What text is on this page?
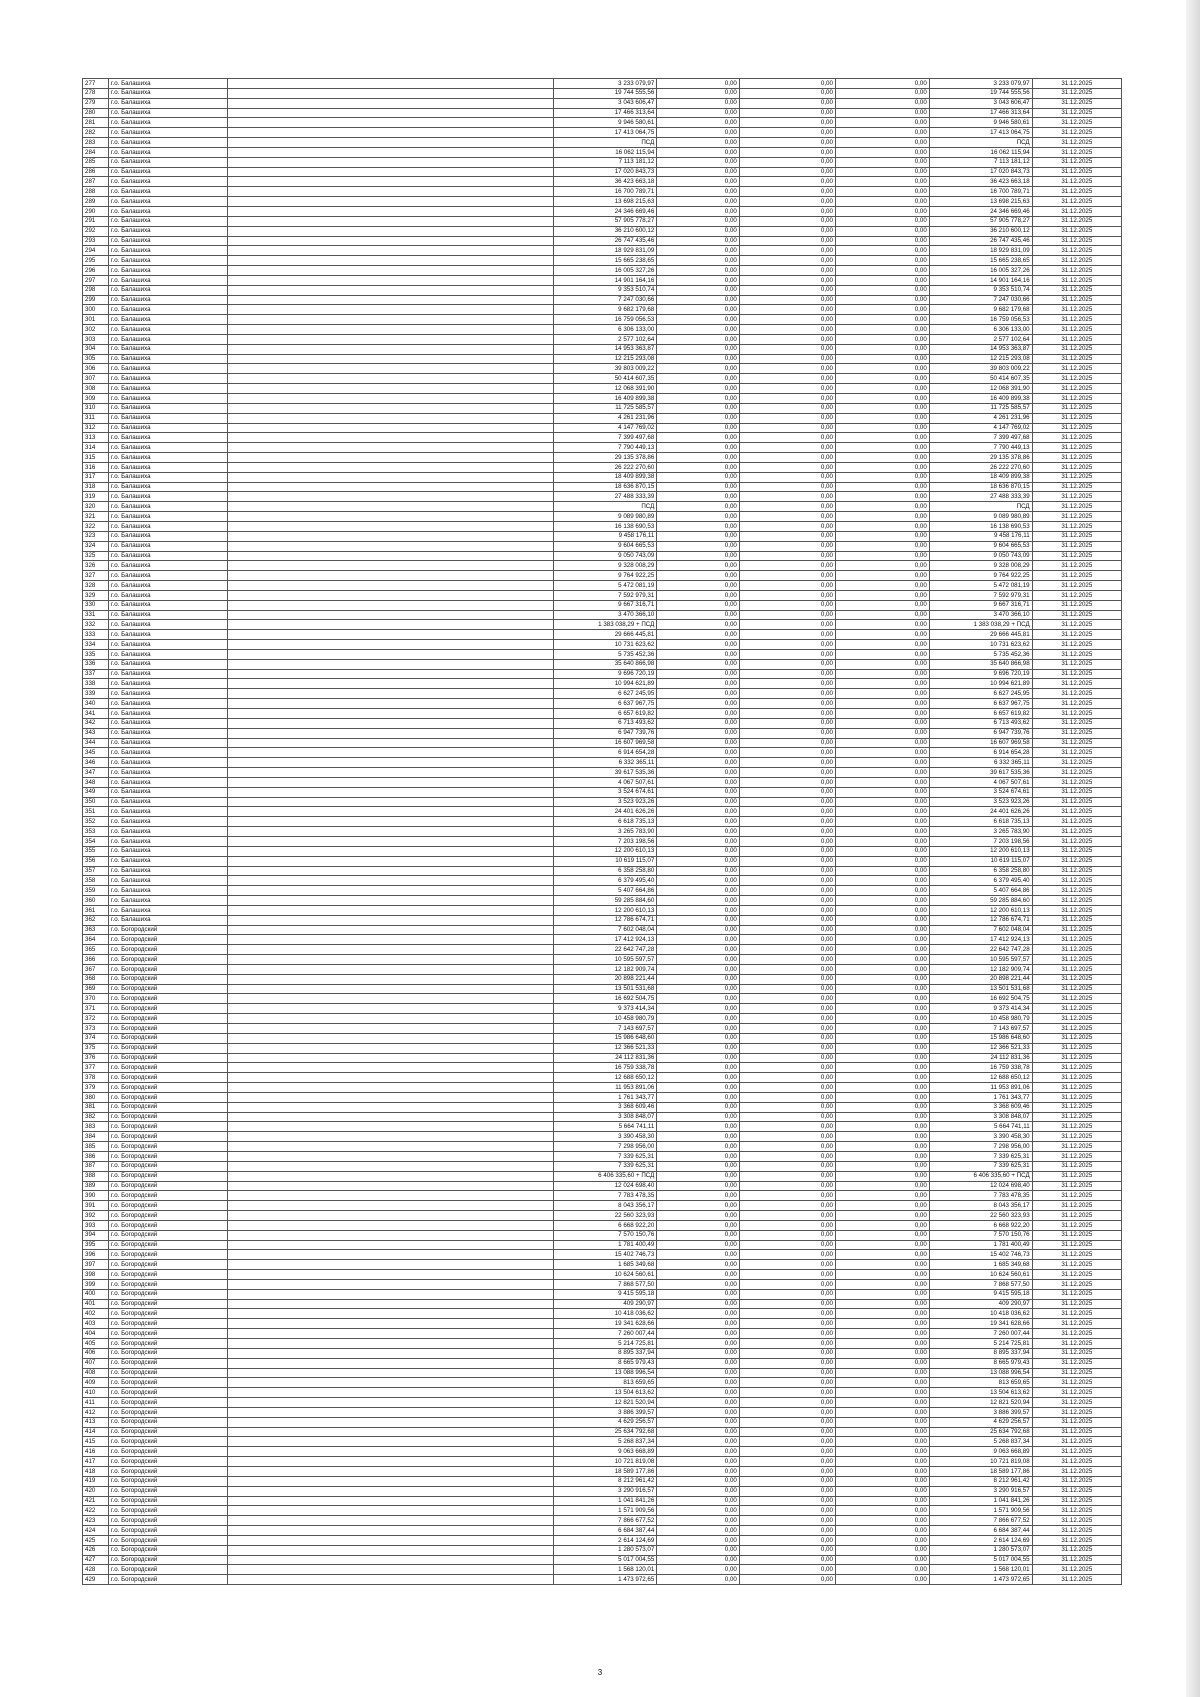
277	г.о. Балашиха		3 233 079,97	0,00	0,00	0,00	3 233 079,97	31.12.2025
278	г.о. Балашиха		19 744 555,56	0,00	0,00	0,00	19 744 555,56	31.12.2025
279	г.о. Балашиха		3 043 606,47	0,00	0,00	0,00	3 043 606,47	31.12.2025
280	г.о. Балашиха		17 466 313,64	0,00	0,00	0,00	17 466 313,64	31.12.2025
281	г.о. Балашиха		9 946 580,61	0,00	0,00	0,00	9 946 580,61	31.12.2025
282	г.о. Балашиха		17 413 064,75	0,00	0,00	0,00	17 413 064,75	31.12.2025
283	г.о. Балашиха		ПСД	0,00	0,00	0,00	ПСД	31.12.2025
284	г.о. Балашиха		16 062 115,94	0,00	0,00	0,00	16 062 115,94	31.12.2025
285	г.о. Балашиха		7 113 181,12	0,00	0,00	0,00	7 113 181,12	31.12.2025
286	г.о. Балашиха		17 020 843,73	0,00	0,00	0,00	17 020 843,73	31.12.2025
287	г.о. Балашиха		36 423 663,18	0,00	0,00	0,00	36 423 663,18	31.12.2025
288	г.о. Балашиха		16 700 789,71	0,00	0,00	0,00	16 700 789,71	31.12.2025
289	г.о. Балашиха		13 698 215,63	0,00	0,00	0,00	13 698 215,63	31.12.2025
290	г.о. Балашиха		24 346 669,46	0,00	0,00	0,00	24 346 669,46	31.12.2025
291	г.о. Балашиха		57 905 778,27	0,00	0,00	0,00	57 905 778,27	31.12.2025
292	г.о. Балашиха		36 210 600,12	0,00	0,00	0,00	36 210 600,12	31.12.2025
293	г.о. Балашиха		26 747 435,46	0,00	0,00	0,00	26 747 435,46	31.12.2025
294	г.о. Балашиха		18 929 831,09	0,00	0,00	0,00	18 929 831,09	31.12.2025
295	г.о. Балашиха		15 665 238,65	0,00	0,00	0,00	15 665 238,65	31.12.2025
296	г.о. Балашиха		16 005 327,26	0,00	0,00	0,00	16 005 327,26	31.12.2025
297	г.о. Балашиха		14 901 164,16	0,00	0,00	0,00	14 901 164,16	31.12.2025
298	г.о. Балашиха		9 353 510,74	0,00	0,00	0,00	9 353 510,74	31.12.2025
299	г.о. Балашиха		7 247 030,66	0,00	0,00	0,00	7 247 030,66	31.12.2025
300	г.о. Балашиха		9 682 179,68	0,00	0,00	0,00	9 682 179,68	31.12.2025
301	г.о. Балашиха		16 759 056,53	0,00	0,00	0,00	16 759 056,53	31.12.2025
302	г.о. Балашиха		6 306 133,00	0,00	0,00	0,00	6 306 133,00	31.12.2025
303	г.о. Балашиха		2 577 102,64	0,00	0,00	0,00	2 577 102,64	31.12.2025
304	г.о. Балашиха		14 953 363,87	0,00	0,00	0,00	14 953 363,87	31.12.2025
305	г.о. Балашиха		12 215 293,08	0,00	0,00	0,00	12 215 293,08	31.12.2025
306	г.о. Балашиха		39 803 009,22	0,00	0,00	0,00	39 803 009,22	31.12.2025
307	г.о. Балашиха		50 414 607,35	0,00	0,00	0,00	50 414 607,35	31.12.2025
308	г.о. Балашиха		12 068 391,90	0,00	0,00	0,00	12 068 391,90	31.12.2025
309	г.о. Балашиха		16 409 899,38	0,00	0,00	0,00	16 409 899,38	31.12.2025
310	г.о. Балашиха		11 725 585,57	0,00	0,00	0,00	11 725 585,57	31.12.2025
311	г.о. Балашиха		4 261 231,96	0,00	0,00	0,00	4 261 231,96	31.12.2025
312	г.о. Балашиха		4 147 769,02	0,00	0,00	0,00	4 147 769,02	31.12.2025
313	г.о. Балашиха		7 399 497,68	0,00	0,00	0,00	7 399 497,68	31.12.2025
314	г.о. Балашиха		7 790 449,13	0,00	0,00	0,00	7 790 449,13	31.12.2025
315	г.о. Балашиха		29 135 378,86	0,00	0,00	0,00	29 135 378,86	31.12.2025
316	г.о. Балашиха		26 222 270,60	0,00	0,00	0,00	26 222 270,60	31.12.2025
317	г.о. Балашиха		18 409 899,38	0,00	0,00	0,00	18 409 899,38	31.12.2025
318	г.о. Балашиха		18 636 870,15	0,00	0,00	0,00	18 636 870,15	31.12.2025
319	г.о. Балашиха		27 488 333,39	0,00	0,00	0,00	27 488 333,39	31.12.2025
320	г.о. Балашиха		ПСД	0,00	0,00	0,00	ПСД	31.12.2025
321	г.о. Балашиха		9 089 980,89	0,00	0,00	0,00	9 089 980,89	31.12.2025
322	г.о. Балашиха		16 138 690,53	0,00	0,00	0,00	16 138 690,53	31.12.2025
323	г.о. Балашиха		9 458 176,11	0,00	0,00	0,00	9 458 176,11	31.12.2025
324	г.о. Балашиха		9 604 665,53	0,00	0,00	0,00	9 604 665,53	31.12.2025
325	г.о. Балашиха		9 050 743,09	0,00	0,00	0,00	9 050 743,09	31.12.2025
326	г.о. Балашиха		9 328 008,29	0,00	0,00	0,00	9 328 008,29	31.12.2025
327	г.о. Балашиха		9 764 922,25	0,00	0,00	0,00	9 764 922,25	31.12.2025
328	г.о. Балашиха		5 472 081,19	0,00	0,00	0,00	5 472 081,19	31.12.2025
329	г.о. Балашиха		7 592 979,31	0,00	0,00	0,00	7 592 979,31	31.12.2025
330	г.о. Балашиха		9 667 316,71	0,00	0,00	0,00	9 667 316,71	31.12.2025
331	г.о. Балашиха		3 470 366,10	0,00	0,00	0,00	3 470 366,10	31.12.2025
332	г.о. Балашиха		1 383 038,29 + ПСД	0,00	0,00	0,00	1 383 038,29 + ПСД	31.12.2025
333	г.о. Балашиха		29 666 445,81	0,00	0,00	0,00	29 666 445,81	31.12.2025
334	г.о. Балашиха		10 731 623,62	0,00	0,00	0,00	10 731 623,62	31.12.2025
335	г.о. Балашиха		5 735 452,36	0,00	0,00	0,00	5 735 452,36	31.12.2025
336	г.о. Балашиха		35 640 866,98	0,00	0,00	0,00	35 640 866,98	31.12.2025
337	г.о. Балашиха		9 696 720,19	0,00	0,00	0,00	9 696 720,19	31.12.2025
338	г.о. Балашиха		10 994 621,89	0,00	0,00	0,00	10 994 621,89	31.12.2025
339	г.о. Балашиха		6 627 245,95	0,00	0,00	0,00	6 627 245,95	31.12.2025
340	г.о. Балашиха		6 637 967,75	0,00	0,00	0,00	6 637 967,75	31.12.2025
341	г.о. Балашиха		6 657 619,82	0,00	0,00	0,00	6 657 619,82	31.12.2025
342	г.о. Балашиха		6 713 493,62	0,00	0,00	0,00	6 713 493,62	31.12.2025
343	г.о. Балашиха		6 947 739,76	0,00	0,00	0,00	6 947 739,76	31.12.2025
344	г.о. Балашиха		16 607 969,58	0,00	0,00	0,00	16 607 969,58	31.12.2025
345	г.о. Балашиха		6 914 654,28	0,00	0,00	0,00	6 914 654,28	31.12.2025
346	г.о. Балашиха		6 332 365,11	0,00	0,00	0,00	6 332 365,11	31.12.2025
347	г.о. Балашиха		39 617 535,36	0,00	0,00	0,00	39 617 535,36	31.12.2025
348	г.о. Балашиха		4 067 507,61	0,00	0,00	0,00	4 067 507,61	31.12.2025
349	г.о. Балашиха		3 524 674,61	0,00	0,00	0,00	3 524 674,61	31.12.2025
350	г.о. Балашиха		3 523 923,26	0,00	0,00	0,00	3 523 923,26	31.12.2025
351	г.о. Балашиха		24 401 626,26	0,00	0,00	0,00	24 401 626,26	31.12.2025
352	г.о. Балашиха		6 618 735,13	0,00	0,00	0,00	6 618 735,13	31.12.2025
353	г.о. Балашиха		3 265 783,90	0,00	0,00	0,00	3 265 783,90	31.12.2025
354	г.о. Балашиха		7 203 198,56	0,00	0,00	0,00	7 203 198,56	31.12.2025
355	г.о. Балашиха		12 200 610,13	0,00	0,00	0,00	12 200 610,13	31.12.2025
356	г.о. Балашиха		10 619 115,07	0,00	0,00	0,00	10 619 115,07	31.12.2025
357	г.о. Балашиха		6 358 258,80	0,00	0,00	0,00	6 358 258,80	31.12.2025
358	г.о. Балашиха		6 379 495,40	0,00	0,00	0,00	6 379 495,40	31.12.2025
359	г.о. Балашиха		5 407 664,86	0,00	0,00	0,00	5 407 664,86	31.12.2025
360	г.о. Балашиха		59 285 884,60	0,00	0,00	0,00	59 285 884,60	31.12.2025
361	г.о. Балашиха		12 200 610,13	0,00	0,00	0,00	12 200 610,13	31.12.2025
362	г.о. Балашиха		12 786 674,71	0,00	0,00	0,00	12 786 674,71	31.12.2025
363	г.о. Богородский		7 602 048,04	0,00	0,00	0,00	7 602 048,04	31.12.2025
364	г.о. Богородский		17 412 924,13	0,00	0,00	0,00	17 412 924,13	31.12.2025
365	г.о. Богородский		22 642 747,28	0,00	0,00	0,00	22 642 747,28	31.12.2025
366	г.о. Богородский		10 595 597,57	0,00	0,00	0,00	10 595 597,57	31.12.2025
367	г.о. Богородский		12 182 909,74	0,00	0,00	0,00	12 182 909,74	31.12.2025
368	г.о. Богородский		20 898 221,44	0,00	0,00	0,00	20 898 221,44	31.12.2025
369	г.о. Богородский		13 501 531,68	0,00	0,00	0,00	13 501 531,68	31.12.2025
370	г.о. Богородский		16 692 504,75	0,00	0,00	0,00	16 692 504,75	31.12.2025
371	г.о. Богородский		9 373 414,34	0,00	0,00	0,00	9 373 414,34	31.12.2025
372	г.о. Богородский		10 458 980,79	0,00	0,00	0,00	10 458 980,79	31.12.2025
373	г.о. Богородский		7 143 697,57	0,00	0,00	0,00	7 143 697,57	31.12.2025
374	г.о. Богородский		15 986 648,60	0,00	0,00	0,00	15 986 648,60	31.12.2025
375	г.о. Богородский		12 366 521,33	0,00	0,00	0,00	12 366 521,33	31.12.2025
376	г.о. Богородский		24 112 831,36	0,00	0,00	0,00	24 112 831,36	31.12.2025
377	г.о. Богородский		16 759 338,78	0,00	0,00	0,00	16 759 338,78	31.12.2025
378	г.о. Богородский		12 688 650,12	0,00	0,00	0,00	12 688 650,12	31.12.2025
379	г.о. Богородский		11 953 891,06	0,00	0,00	0,00	11 953 891,06	31.12.2025
380	г.о. Богородский		1 761 343,77	0,00	0,00	0,00	1 761 343,77	31.12.2025
381	г.о. Богородский		3 368 609,46	0,00	0,00	0,00	3 368 609,46	31.12.2025
382	г.о. Богородский		3 308 848,07	0,00	0,00	0,00	3 308 848,07	31.12.2025
383	г.о. Богородский		5 664 741,11	0,00	0,00	0,00	5 664 741,11	31.12.2025
384	г.о. Богородский		3 390 458,30	0,00	0,00	0,00	3 390 458,30	31.12.2025
385	г.о. Богородский		7 298 956,00	0,00	0,00	0,00	7 298 956,00	31.12.2025
386	г.о. Богородский		7 339 625,31	0,00	0,00	0,00	7 339 625,31	31.12.2025
387	г.о. Богородский		7 339 625,31	0,00	0,00	0,00	7 339 625,31	31.12.2025
388	г.о. Богородский		6 406 335,60 + ПСД	0,00	0,00	0,00	6 406 335,60 + ПСД	31.12.2025
389	г.о. Богородский		12 024 698,40	0,00	0,00	0,00	12 024 698,40	31.12.2025
390	г.о. Богородский		7 783 478,35	0,00	0,00	0,00	7 783 478,35	31.12.2025
391	г.о. Богородский		8 043 356,17	0,00	0,00	0,00	8 043 356,17	31.12.2025
392	г.о. Богородский		22 560 323,93	0,00	0,00	0,00	22 560 323,93	31.12.2025
393	г.о. Богородский		6 668 922,20	0,00	0,00	0,00	6 668 922,20	31.12.2025
394	г.о. Богородский		7 570 150,76	0,00	0,00	0,00	7 570 150,76	31.12.2025
395	г.о. Богородский		1 781 400,49	0,00	0,00	0,00	1 781 400,49	31.12.2025
396	г.о. Богородский		15 402 746,73	0,00	0,00	0,00	15 402 746,73	31.12.2025
397	г.о. Богородский		1 685 349,68	0,00	0,00	0,00	1 685 349,68	31.12.2025
398	г.о. Богородский		10 624 560,61	0,00	0,00	0,00	10 624 560,61	31.12.2025
399	г.о. Богородский		7 868 577,50	0,00	0,00	0,00	7 868 577,50	31.12.2025
400	г.о. Богородский		9 415 595,18	0,00	0,00	0,00	9 415 595,18	31.12.2025
401	г.о. Богородский		409 290,97	0,00	0,00	0,00	409 290,97	31.12.2025
402	г.о. Богородский		10 418 036,62	0,00	0,00	0,00	10 418 036,62	31.12.2025
403	г.о. Богородский		19 341 628,66	0,00	0,00	0,00	19 341 628,66	31.12.2025
404	г.о. Богородский		7 260 007,44	0,00	0,00	0,00	7 260 007,44	31.12.2025
405	г.о. Богородский		5 214 725,81	0,00	0,00	0,00	5 214 725,81	31.12.2025
406	г.о. Богородский		8 895 337,94	0,00	0,00	0,00	8 895 337,94	31.12.2025
407	г.о. Богородский		8 665 979,43	0,00	0,00	0,00	8 665 979,43	31.12.2025
408	г.о. Богородский		13 088 996,54	0,00	0,00	0,00	13 088 996,54	31.12.2025
409	г.о. Богородский		813 659,65	0,00	0,00	0,00	813 659,65	31.12.2025
410	г.о. Богородский		13 504 613,62	0,00	0,00	0,00	13 504 613,62	31.12.2025
411	г.о. Богородский		12 821 520,94	0,00	0,00	0,00	12 821 520,94	31.12.2025
412	г.о. Богородский		3 886 399,57	0,00	0,00	0,00	3 886 399,57	31.12.2025
413	г.о. Богородский		4 629 256,57	0,00	0,00	0,00	4 629 256,57	31.12.2025
414	г.о. Богородский		25 634 792,68	0,00	0,00	0,00	25 634 792,68	31.12.2025
415	г.о. Богородский		5 268 837,34	0,00	0,00	0,00	5 268 837,34	31.12.2025
416	г.о. Богородский		9 063 668,89	0,00	0,00	0,00	9 063 668,89	31.12.2025
417	г.о. Богородский		10 721 819,08	0,00	0,00	0,00	10 721 819,08	31.12.2025
418	г.о. Богородский		18 589 177,86	0,00	0,00	0,00	18 589 177,86	31.12.2025
419	г.о. Богородский		8 212 961,42	0,00	0,00	0,00	8 212 961,42	31.12.2025
420	г.о. Богородский		3 290 916,57	0,00	0,00	0,00	3 290 916,57	31.12.2025
421	г.о. Богородский		1 041 841,26	0,00	0,00	0,00	1 041 841,26	31.12.2025
422	г.о. Богородский		1 571 909,56	0,00	0,00	0,00	1 571 909,56	31.12.2025
423	г.о. Богородский		7 866 677,52	0,00	0,00	0,00	7 866 677,52	31.12.2025
424	г.о. Богородский		6 684 387,44	0,00	0,00	0,00	6 684 387,44	31.12.2025
425	г.о. Богородский		2 614 124,69	0,00	0,00	0,00	2 614 124,69	31.12.2025
426	г.о. Богородский		1 280 573,07	0,00	0,00	0,00	1 280 573,07	31.12.2025
427	г.о. Богородский		5 017 004,55	0,00	0,00	0,00	5 017 004,55	31.12.2025
428	г.о. Богородский		1 568 120,01	0,00	0,00	0,00	1 568 120,01	31.12.2025
429	г.о. Богородский		1 473 972,65	0,00	0,00	0,00	1 473 972,65	31.12.2025
3
